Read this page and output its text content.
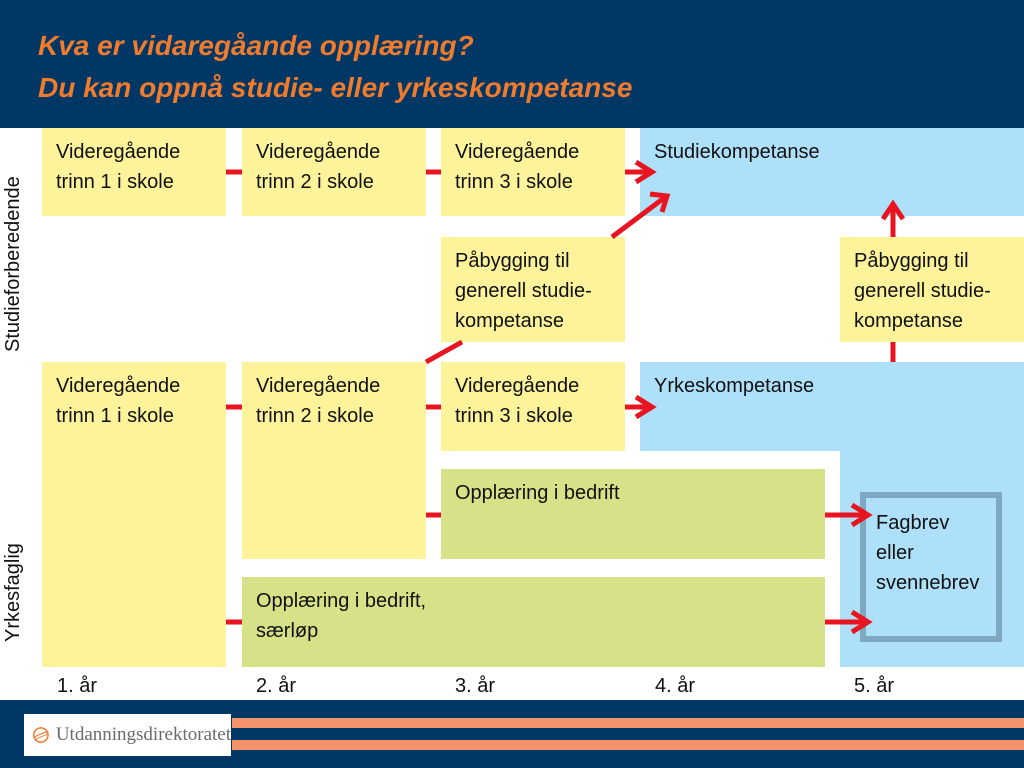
Kva er vidaregåande opplæring?
Du kan oppnå studie- eller yrkeskompetanse
Studieforberedende
Yrkesfaglig
Studiekompetanse
Yrkeskompetanse
Videregående
trinn 1 i skole
Videregående
trinn 2 i skole
Videregående
trinn 3 i skole
Påbygging til
generell studie-
kompetanse
Påbygging til
generell studie-
kompetanse
Videregående
trinn 1 i skole
Videregående
trinn 2 i skole
Videregående
trinn 3 i skole
Opplæring i bedrift
Opplæring i bedrift,
særløp
Fagbrev
eller
svennebrev
1. år	2. år	3. år	4. år	5. år
Utdanningsdirektoratet
